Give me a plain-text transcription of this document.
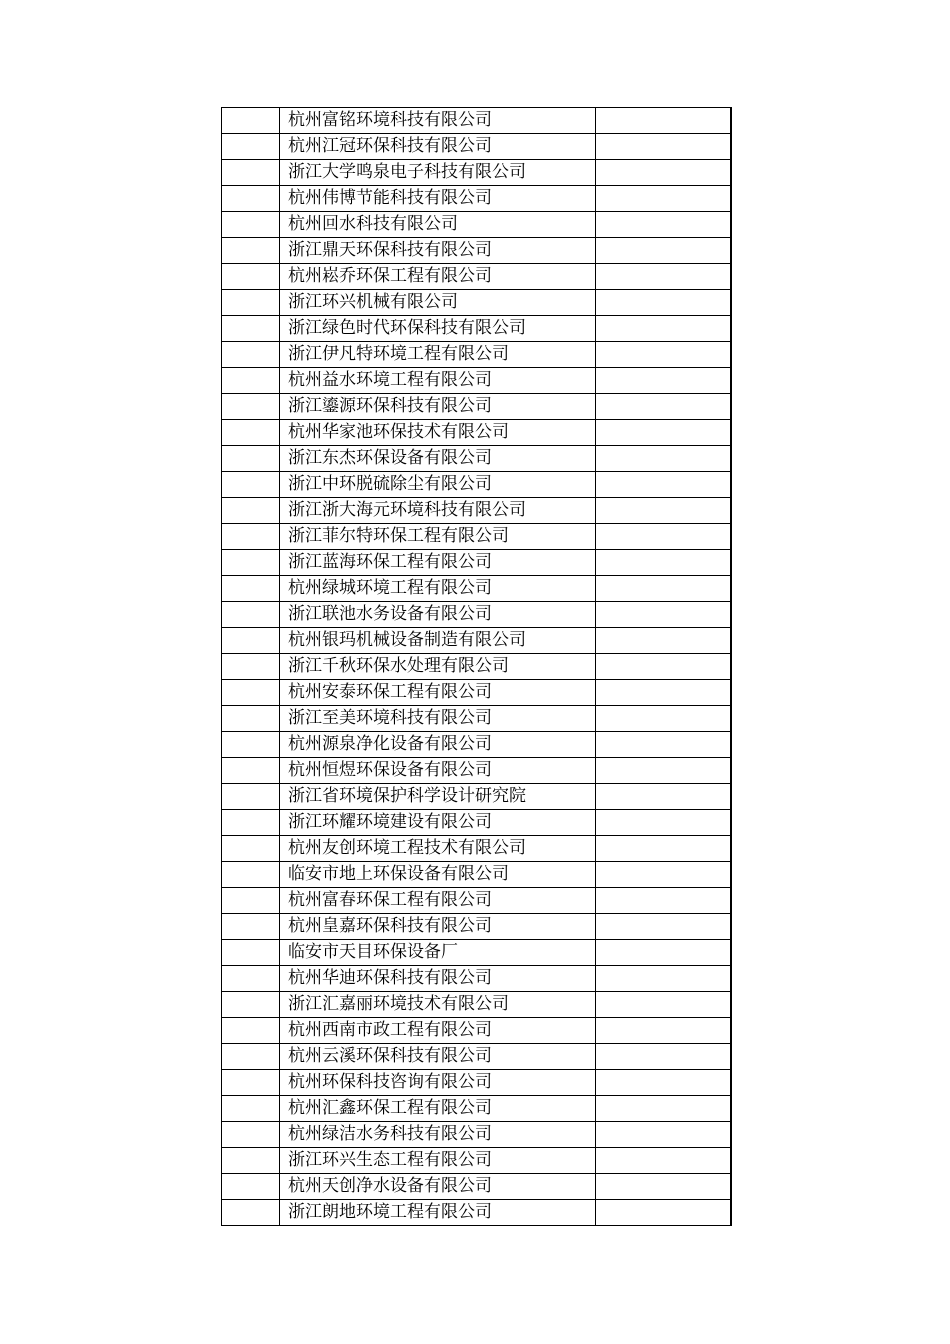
	杭州富铭环境科技有限公司	
	杭州江冠环保科技有限公司	
	浙江大学鸣泉电子科技有限公司	
	杭州伟博节能科技有限公司	
	杭州回水科技有限公司	
	浙江鼎天环保科技有限公司	
	杭州崧乔环保工程有限公司	
	浙江环兴机械有限公司	
	浙江绿色时代环保科技有限公司	
	浙江伊凡特环境工程有限公司	
	杭州益水环境工程有限公司	
	浙江鎏源环保科技有限公司	
	杭州华家池环保技术有限公司	
	浙江东杰环保设备有限公司	
	浙江中环脱硫除尘有限公司	
	浙江浙大海元环境科技有限公司	
	浙江菲尔特环保工程有限公司	
	浙江蓝海环保工程有限公司	
	杭州绿城环境工程有限公司	
	浙江联池水务设备有限公司	
	杭州银玛机械设备制造有限公司	
	浙江千秋环保水处理有限公司	
	杭州安泰环保工程有限公司	
	浙江至美环境科技有限公司	
	杭州源泉净化设备有限公司	
	杭州恒煜环保设备有限公司	
	浙江省环境保护科学设计研究院	
	浙江环耀环境建设有限公司	
	杭州友创环境工程技术有限公司	
	临安市地上环保设备有限公司	
	杭州富春环保工程有限公司	
	杭州皇嘉环保科技有限公司	
	临安市天目环保设备厂	
	杭州华迪环保科技有限公司	
	浙江汇嘉丽环境技术有限公司	
	杭州西南市政工程有限公司	
	杭州云溪环保科技有限公司	
	杭州环保科技咨询有限公司	
	杭州汇鑫环保工程有限公司	
	杭州绿洁水务科技有限公司	
	浙江环兴生态工程有限公司	
	杭州天创净水设备有限公司	
	浙江朗地环境工程有限公司	
